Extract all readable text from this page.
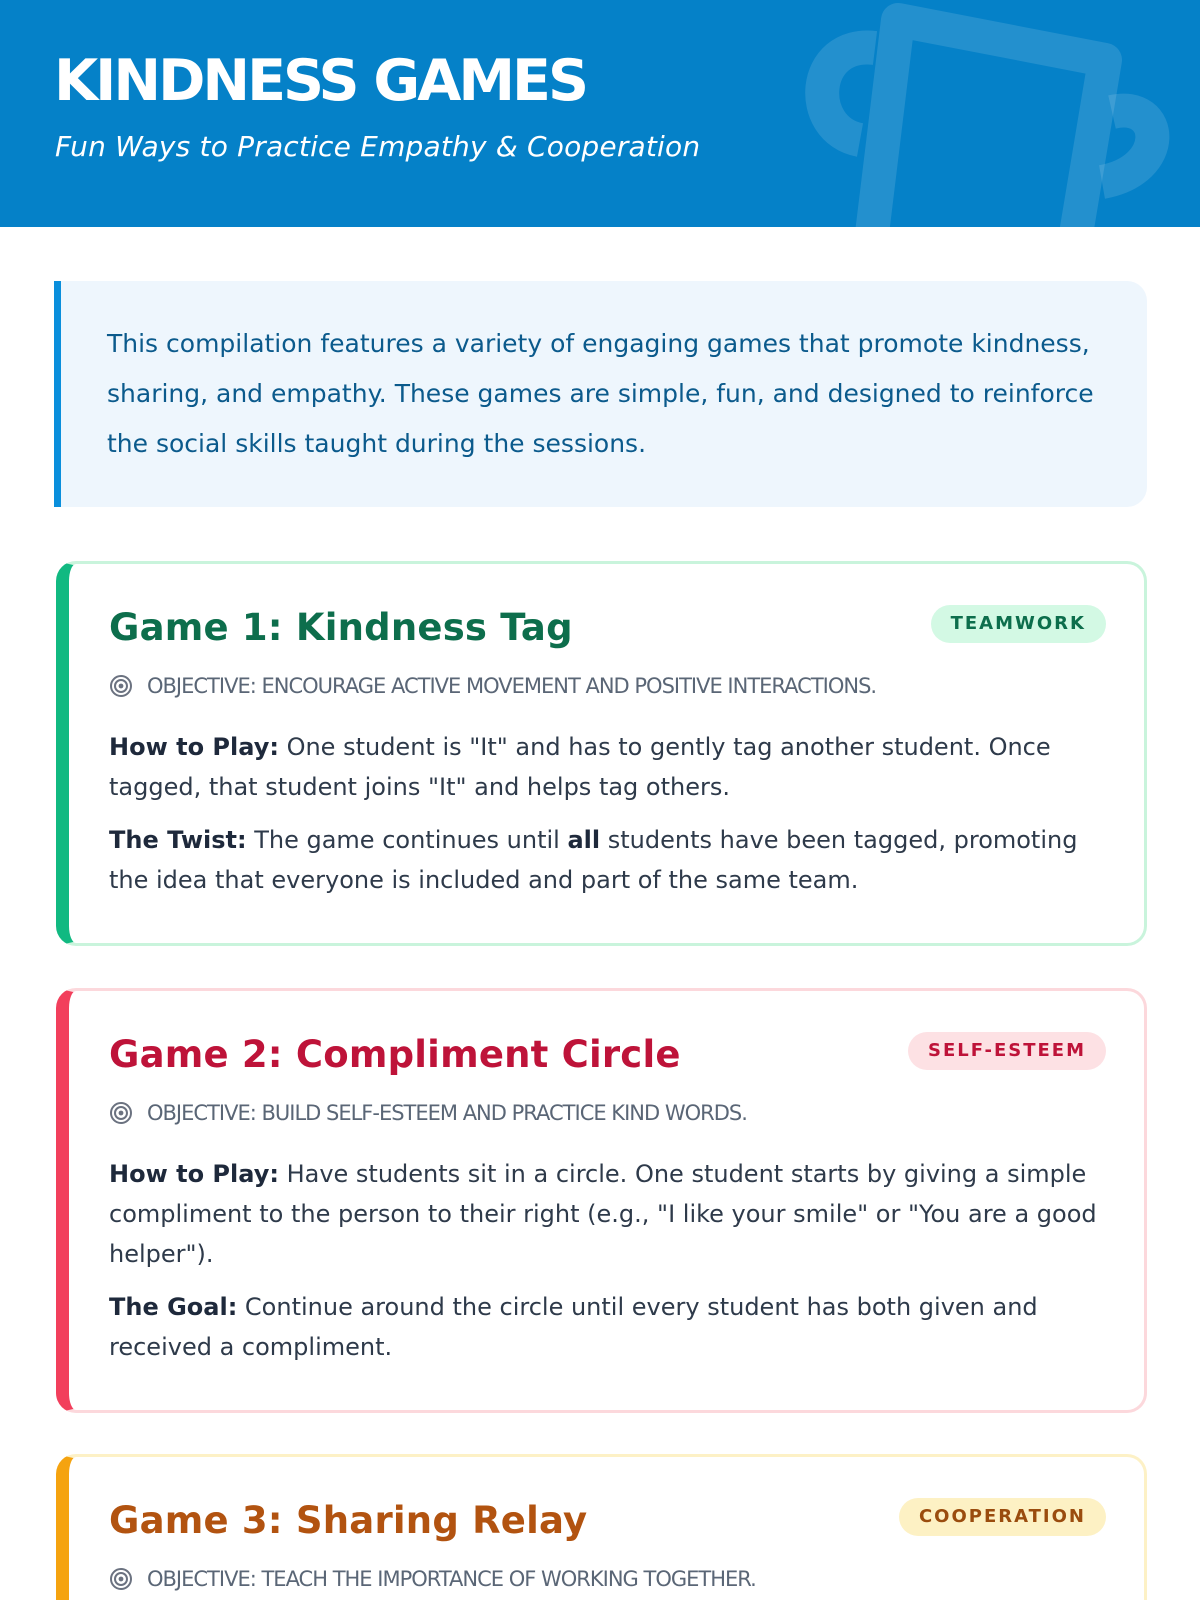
KINDNESS GAMES
Fun Ways to Practice Empathy & Cooperation

This compilation features a variety of engaging games that promote kindness, sharing, and empathy. These games are simple, fun, and designed to reinforce the social skills taught during the sessions.

Game 1: Kindness Tag	TEAMWORK
OBJECTIVE: ENCOURAGE ACTIVE MOVEMENT AND POSITIVE INTERACTIONS.

How to Play: One student is "It" and has to gently tag another student. Once tagged, that student joins "It" and helps tag others.

The Twist: The game continues until all students have been tagged, promoting the idea that everyone is included and part of the same team.

Game 2: Compliment Circle	SELF-ESTEEM
OBJECTIVE: BUILD SELF-ESTEEM AND PRACTICE KIND WORDS.

How to Play: Have students sit in a circle. One student starts by giving a simple compliment to the person to their right (e.g., "I like your smile" or "You are a good helper").

The Goal: Continue around the circle until every student has both given and received a compliment.

Game 3: Sharing Relay	COOPERATION
OBJECTIVE: TEACH THE IMPORTANCE OF WORKING TOGETHER.
